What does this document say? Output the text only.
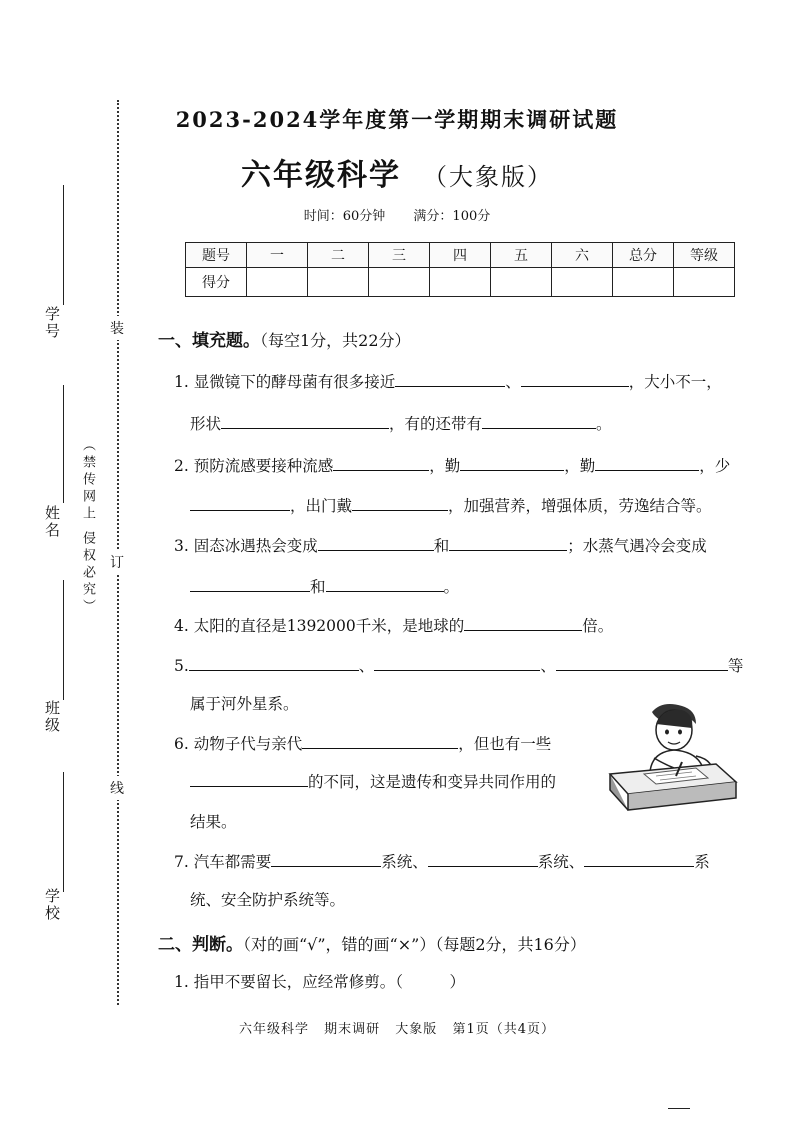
学校
班级
姓名
学号
（禁传网上 侵权必究）
装
订
线
2023-2024学年度第一学期期末调研试题
六年级科学 （大象版）
时间：60分钟 满分：100分
题号	一	二	三	四	五	六	总分	等级
得分								
一、填充题。（每空1分，共22分）
1. 显微镜下的酵母菌有很多接近	、	，大小不一，
形状	，有的还带有	。
2. 预防流感要接种流感	，勤	，勤	，少
，出门戴	，加强营养，增强体质，劳逸结合等。
3. 固态冰遇热会变成	和	；水蒸气遇冷会变成
和	。
4. 太阳的直径是1392000千米，是地球的	倍。
5.	、	、	等
属于河外星系。
6. 动物子代与亲代	，但也有一些
的不同，这是遗传和变异共同作用的
结果。
7. 汽车都需要	系统、	系统、	系
统、安全防护系统等。
二、判断。（对的画“√”，错的画“×”）（每题2分，共16分）
1. 指甲不要留长，应经常修剪。（　　　）
六年级科学 期末调研 大象版 第1页（共4页）
